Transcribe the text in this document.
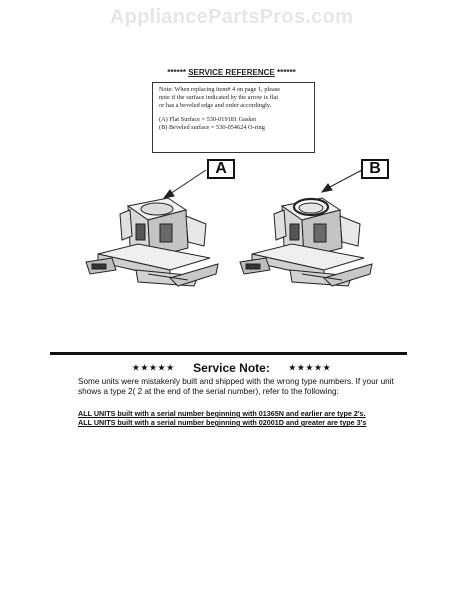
AppliancePartsPros.com
****** SERVICE REFERENCE ******
Note: When replacing item# 4 on page 1, please
note if the surface indicated by the arrow is flat
or has a beveled edge and order accordingly.
(A) Flat Surface = 530-019181 Gasket
(B) Beveled surface = 530-054624 O-ring
A	B
★★★★★ Service Note: ★★★★★
Some units were mistakenly built and shipped with the wrong type numbers. If your unit shows a type 2( 2 at the end of the serial number), refer to the following:
ALL UNITS built with a serial number beginning with 01365N and earlier are type 2's.
ALL UNITS built with a serial number beginning with 02001D and greater are type 3's
